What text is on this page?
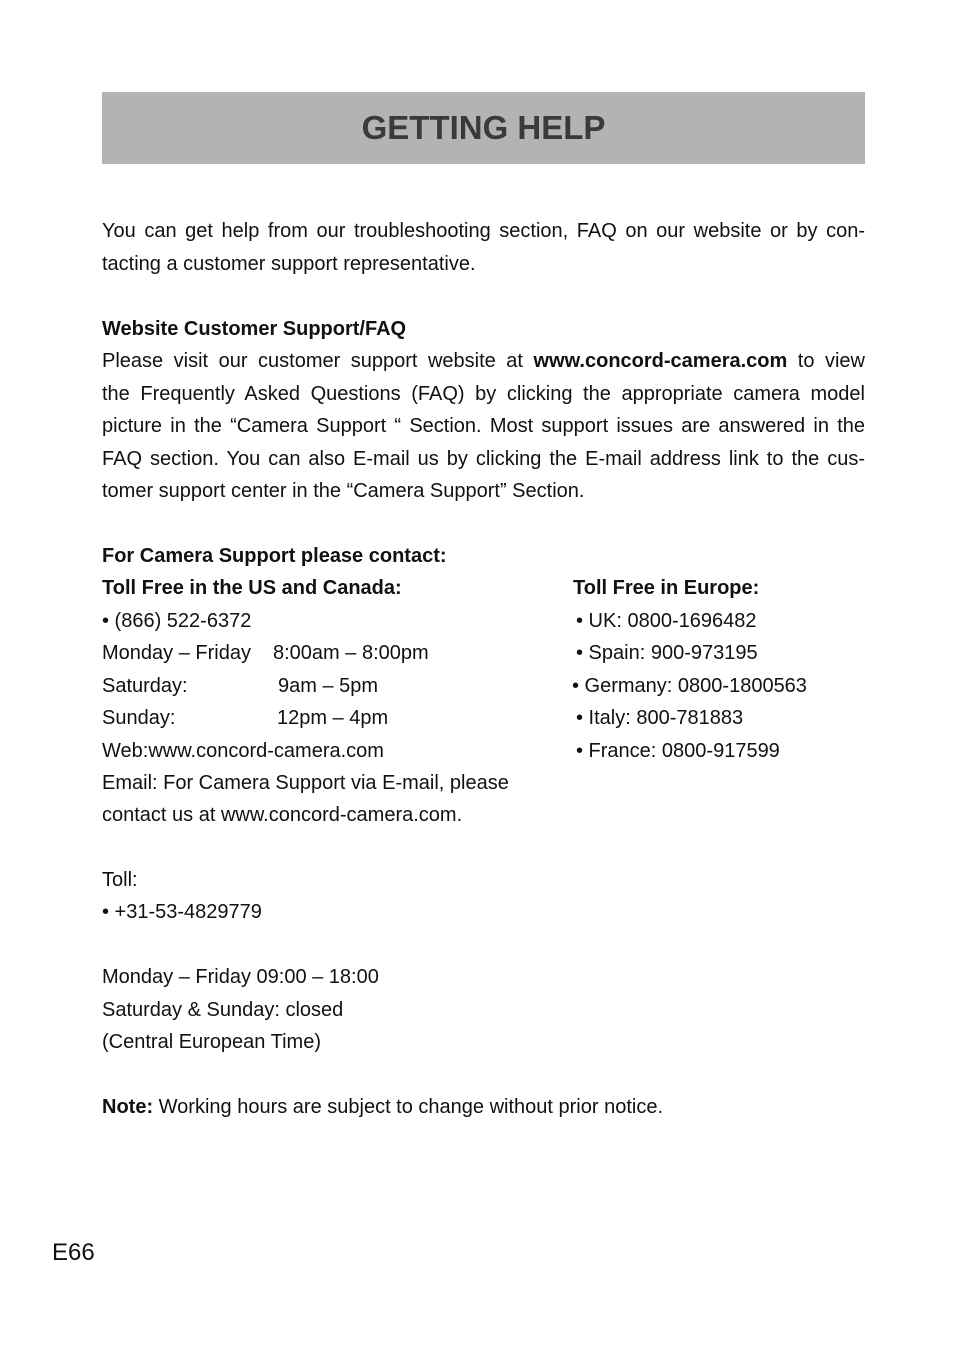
GETTING HELP
You can get help from our troubleshooting section, FAQ on our website or by con-
tacting a customer support representative.
Website Customer Support/FAQ
Please visit our customer support website at www.concord-camera.com to view
the Frequently Asked Questions (FAQ) by clicking the appropriate camera model
picture in the “Camera Support “ Section. Most support issues are answered in the
FAQ section. You can also E-mail us by clicking the E-mail address link to the cus-
tomer support center in the “Camera Support” Section.
For Camera Support please contact:
Toll Free in the US and Canada:
• (866) 522-6372
Monday – Friday 8:00am – 8:00pm
Saturday:	9am – 5pm
Sunday:	12pm – 4pm
Web:www.concord-camera.com
Email: For Camera Support via E-mail, please
contact us at www.concord-camera.com.
Toll Free in Europe:
• UK: 0800-1696482
• Spain: 900-973195
• Germany: 0800-1800563
• Italy: 800-781883
• France: 0800-917599
Toll:
• +31-53-4829779
Monday – Friday 09:00 – 18:00
Saturday & Sunday: closed
(Central European Time)
Note: Working hours are subject to change without prior notice.
E66
